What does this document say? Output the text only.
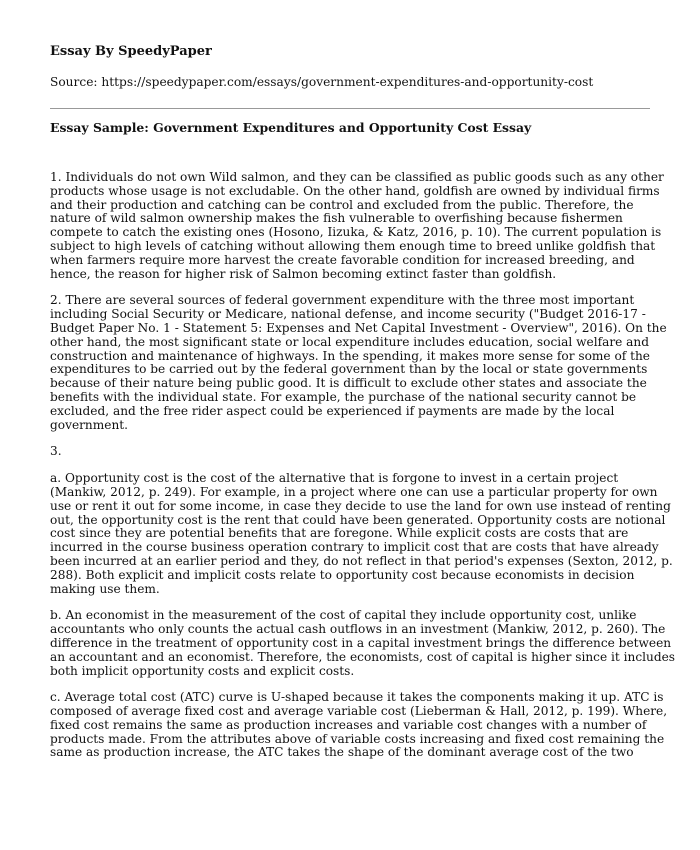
Essay By SpeedyPaper
Source: https://speedypaper.com/essays/government-expenditures-and-opportunity-cost
Essay Sample: Government Expenditures and Opportunity Cost Essay
1. Individuals do not own Wild salmon, and they can be classified as public goods such as any other
products whose usage is not excludable. On the other hand, goldfish are owned by individual firms
and their production and catching can be control and excluded from the public. Therefore, the
nature of wild salmon ownership makes the fish vulnerable to overfishing because fishermen
compete to catch the existing ones (Hosono, Iizuka, & Katz, 2016, p. 10). The current population is
subject to high levels of catching without allowing them enough time to breed unlike goldfish that
when farmers require more harvest the create favorable condition for increased breeding, and
hence, the reason for higher risk of Salmon becoming extinct faster than goldfish.
2. There are several sources of federal government expenditure with the three most important
including Social Security or Medicare, national defense, and income security ("Budget 2016-17 -
Budget Paper No. 1 - Statement 5: Expenses and Net Capital Investment - Overview", 2016). On the
other hand, the most significant state or local expenditure includes education, social welfare and
construction and maintenance of highways. In the spending, it makes more sense for some of the
expenditures to be carried out by the federal government than by the local or state governments
because of their nature being public good. It is difficult to exclude other states and associate the
benefits with the individual state. For example, the purchase of the national security cannot be
excluded, and the free rider aspect could be experienced if payments are made by the local
government.
3.
a. Opportunity cost is the cost of the alternative that is forgone to invest in a certain project
(Mankiw, 2012, p. 249). For example, in a project where one can use a particular property for own
use or rent it out for some income, in case they decide to use the land for own use instead of renting
out, the opportunity cost is the rent that could have been generated. Opportunity costs are notional
cost since they are potential benefits that are foregone. While explicit costs are costs that are
incurred in the course business operation contrary to implicit cost that are costs that have already
been incurred at an earlier period and they, do not reflect in that period's expenses (Sexton, 2012, p.
288). Both explicit and implicit costs relate to opportunity cost because economists in decision
making use them.
b. An economist in the measurement of the cost of capital they include opportunity cost, unlike
accountants who only counts the actual cash outflows in an investment (Mankiw, 2012, p. 260). The
difference in the treatment of opportunity cost in a capital investment brings the difference between
an accountant and an economist. Therefore, the economists, cost of capital is higher since it includes
both implicit opportunity costs and explicit costs.
c. Average total cost (ATC) curve is U-shaped because it takes the components making it up. ATC is
composed of average fixed cost and average variable cost (Lieberman & Hall, 2012, p. 199). Where,
fixed cost remains the same as production increases and variable cost changes with a number of
products made. From the attributes above of variable costs increasing and fixed cost remaining the
same as production increase, the ATC takes the shape of the dominant average cost of the two
